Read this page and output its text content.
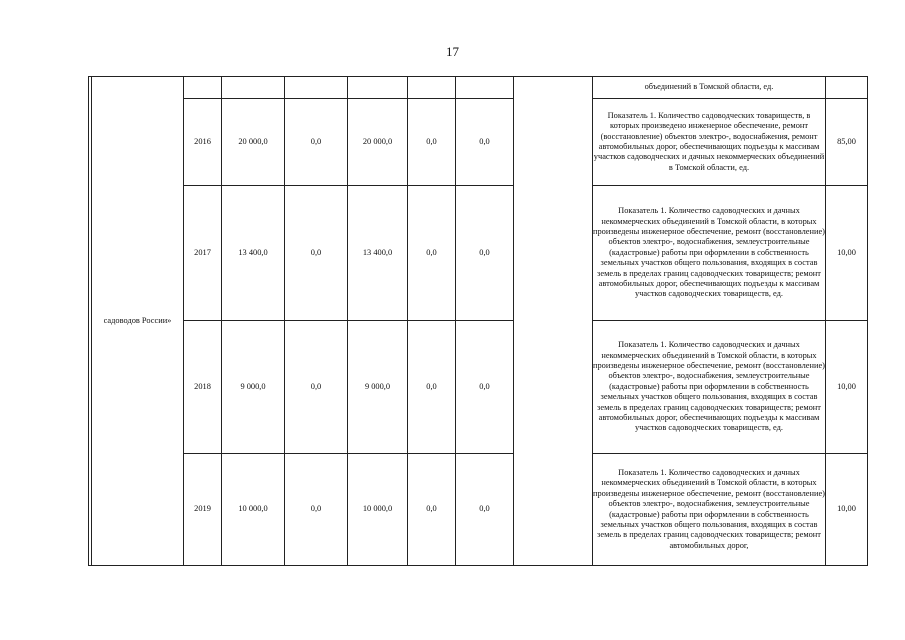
17
	садоводов России»								объединений в Томской области, ед.	
		2016	20 000,0	0,0	20 000,0	0,0	0,0		Показатель 1. Количество садоводческих товариществ, в которых произведено инженерное обеспечение, ремонт (восстановление) объектов электро-, водоснабжения, ремонт автомобильных дорог, обеспечивающих подъезды к массивам участков садоводческих и дачных некоммерческих объединений в Томской области, ед.	85,00
		2017	13 400,0	0,0	13 400,0	0,0	0,0		Показатель 1. Количество садоводческих и дачных некоммерческих объединений в Томской области, в которых произведены инженерное обеспечение, ремонт (восстановление) объектов электро-, водоснабжения, землеустроительные (кадастровые) работы при оформлении в собственность земельных участков общего пользования, входящих в состав земель в пределах границ садоводческих товариществ; ремонт автомобильных дорог, обеспечивающих подъезды к массивам участков садоводческих товариществ, ед.	10,00
		2018	9 000,0	0,0	9 000,0	0,0	0,0		Показатель 1. Количество садоводческих и дачных некоммерческих объединений в Томской области, в которых произведены инженерное обеспечение, ремонт (восстановление) объектов электро-, водоснабжения, землеустроительные (кадастровые) работы при оформлении в собственность земельных участков общего пользования, входящих в состав земель в пределах границ садоводческих товариществ; ремонт автомобильных дорог, обеспечивающих подъезды к массивам участков садоводческих товариществ, ед.	10,00
		2019	10 000,0	0,0	10 000,0	0,0	0,0		Показатель 1. Количество садоводческих и дачных некоммерческих объединений в Томской области, в которых произведены инженерное обеспечение, ремонт (восстановление) объектов электро-, водоснабжения, землеустроительные (кадастровые) работы при оформлении в собственность земельных участков общего пользования, входящих в состав земель в пределах границ садоводческих товариществ; ремонт автомобильных дорог,	10,00
